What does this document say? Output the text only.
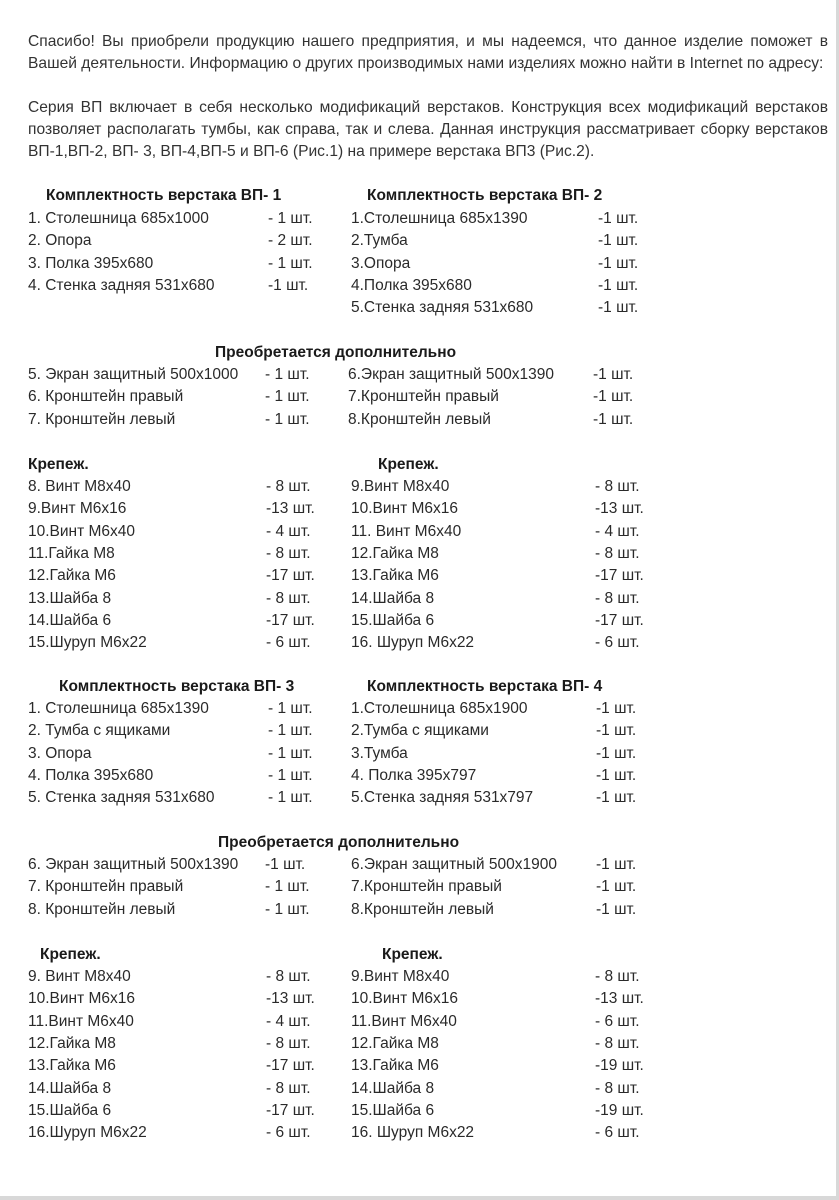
Спасибо! Вы приобрели продукцию нашего предприятия, и мы надеемся, что данное изделие поможет в Вашей деятельности. Информацию о других производимых нами изделиях можно найти в Internet по адресу:

Серия ВП включает в себя несколько модификаций верстаков. Конструкция всех модификаций верстаков позволяет располагать тумбы, как справа, так и слева. Данная инструкция рассматривает сборку верстаков ВП-1,ВП-2, ВП- 3, ВП-4,ВП-5 и ВП-6 (Рис.1) на примере верстака ВП3 (Рис.2).

Комплектность верстака ВП- 1	Комплектность верстака ВП- 2
Преобретается дополнительно
Крепеж.	Крепеж.
Комплектность верстака ВП- 3	Комплектность верстака ВП- 4
Преобретается дополнительно
Крепеж.	Крепеж.
1. Столешница 685х1000	- 1 шт.
2. Опора	- 2 шт.
3. Полка 395х680	- 1 шт.
4. Стенка задняя 531х680	-1 шт.
1.Столешница 685х1390	-1 шт.
2.Тумба	-1 шт.
3.Опора	-1 шт.
4.Полка 395х680	-1 шт.
5.Стенка задняя 531х680	-1 шт.
5. Экран защитный 500х1000 - 1 шт.
6. Кронштейн правый	- 1 шт.
7. Кронштейн левый	- 1 шт.
6.Экран защитный 500х1390	-1 шт.
7.Кронштейн правый	-1 шт.
8.Кронштейн левый	-1 шт.
8. Винт М8х40	- 8 шт.
9.Винт М6х16	-13 шт.
10.Винт М6х40	- 4 шт.
11.Гайка М8	- 8 шт.
12.Гайка М6	-17 шт.
13.Шайба 8	- 8 шт.
14.Шайба 6	-17 шт.
15.Шуруп М6х22	- 6 шт.
9.Винт М8х40	- 8 шт.
10.Винт М6х16	-13 шт.
11. Винт М6х40	- 4 шт.
12.Гайка М8	- 8 шт.
13.Гайка М6	-17 шт.
14.Шайба 8	- 8 шт.
15.Шайба 6	-17 шт.
16. Шуруп М6х22	- 6 шт.
1. Столешница 685х1390	- 1 шт.
2. Тумба с ящиками	- 1 шт.
3. Опора	- 1 шт.
4. Полка 395х680	- 1 шт.
5. Стенка задняя 531х680	- 1 шт.
1.Столешница 685х1900	-1 шт.
2.Тумба с ящиками	-1 шт.
3.Тумба	-1 шт.
4. Полка 395х797	-1 шт.
5.Стенка задняя 531х797	-1 шт.
6. Экран защитный 500х1390 -1 шт.
7. Кронштейн правый	- 1 шт.
8. Кронштейн левый	- 1 шт.
6.Экран защитный 500х1900	-1 шт.
7.Кронштейн правый	-1 шт.
8.Кронштейн левый	-1 шт.
9. Винт М8х40	- 8 шт.
10.Винт М6х16	-13 шт.
11.Винт М6х40	- 4 шт.
12.Гайка М8	- 8 шт.
13.Гайка М6	-17 шт.
14.Шайба 8	- 8 шт.
15.Шайба 6	-17 шт.
16.Шуруп М6х22	- 6 шт.
9.Винт М8х40	- 8 шт.
10.Винт М6х16	-13 шт.
11.Винт М6х40	- 6 шт.
12.Гайка М8	- 8 шт.
13.Гайка М6	-19 шт.
14.Шайба 8	- 8 шт.
15.Шайба 6	-19 шт.
16. Шуруп М6х22	- 6 шт.
